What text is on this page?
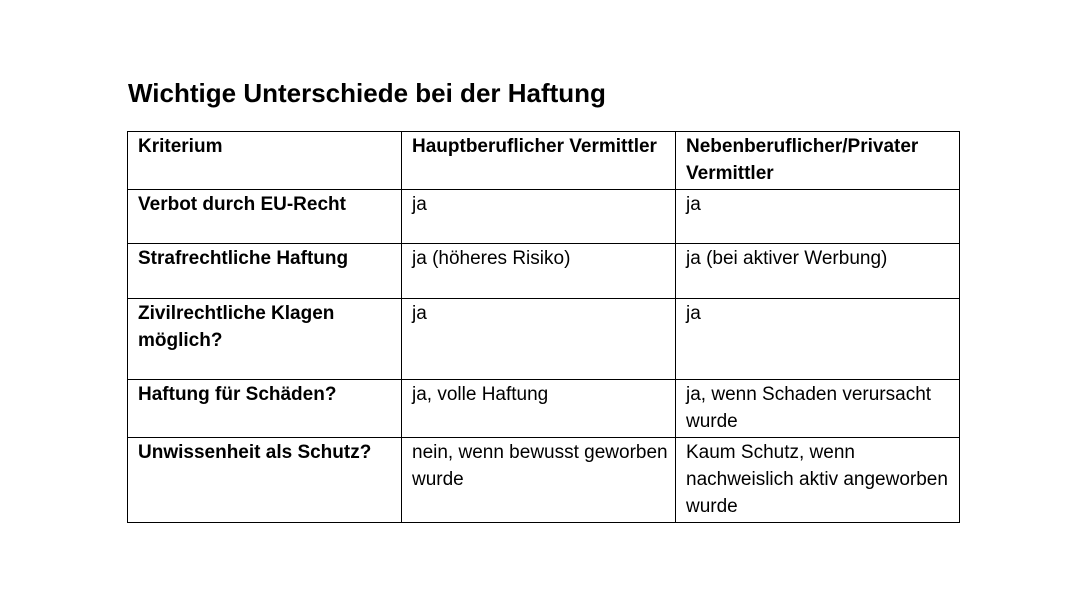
Wichtige Unterschiede bei der Haftung
Kriterium	Hauptberuflicher Vermittler	Nebenberuflicher/Privater Vermittler
Verbot durch EU-Recht	ja	ja
Strafrechtliche Haftung	ja (höheres Risiko)	ja (bei aktiver Werbung)
Zivilrechtliche Klagen möglich?	ja	ja
Haftung für Schäden?	ja, volle Haftung	ja, wenn Schaden verursacht wurde
Unwissenheit als Schutz?	nein, wenn bewusst geworben wurde	Kaum Schutz, wenn nachweislich aktiv angeworben wurde
